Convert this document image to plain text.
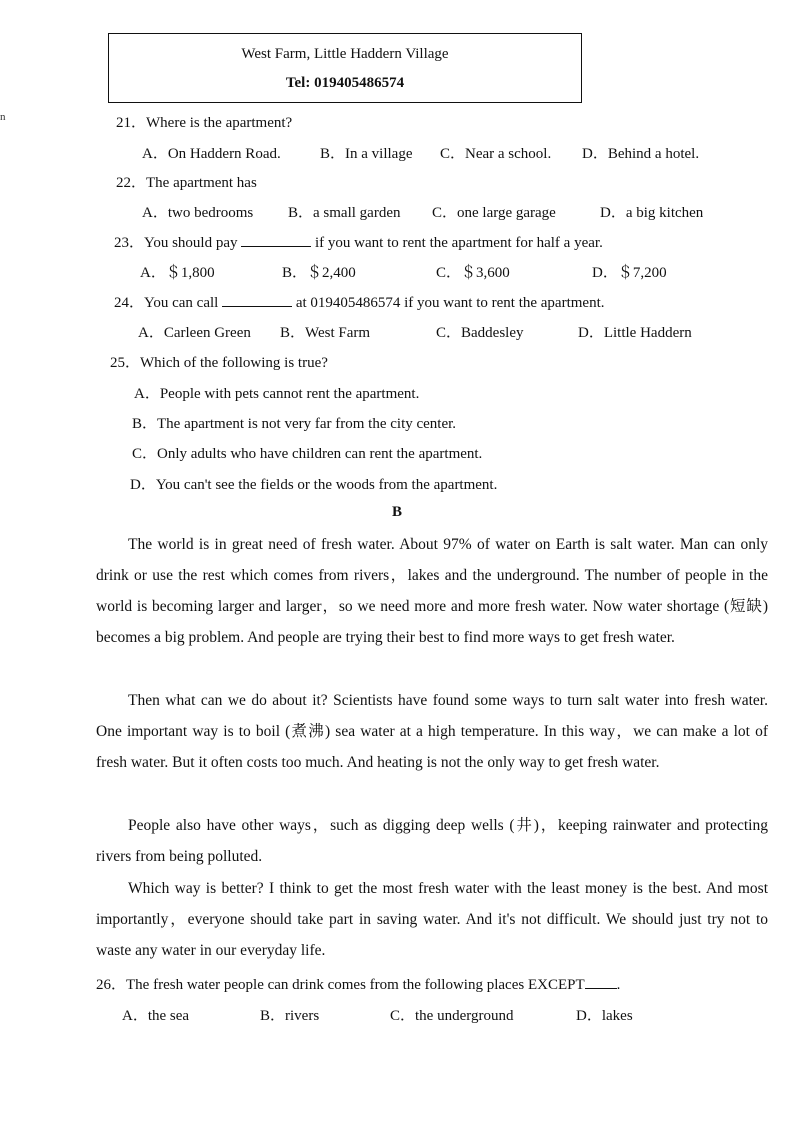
n
West Farm, Little Haddern Village
Tel: 019405486574
21．Where is the apartment?
A．On Haddern Road.	B．In a village C．Near a school. D．Behind a hotel.
22．The apartment has
A．two bedrooms B．a small garden C．one large garage	D．a big kitchen
23．You should pay	if you want to rent the apartment for half a year.
A．＄1,800	B．＄2,400	C．＄3,600	D．＄7,200
24．You can call	at 019405486574 if you want to rent the apartment.
A．Carleen Green B．West Farm	C．Baddesley	D．Little Haddern
25．Which of the following is true?
A．People with pets cannot rent the apartment.
B．The apartment is not very far from the city center.
C．Only adults who have children can rent the apartment.
D．You can't see the fields or the woods from the apartment.
B
The world is in great need of fresh water. About 97% of water on Earth is salt water. Man can only drink or use the rest which comes from rivers，lakes and the underground. The number of people in the world is becoming larger and larger，so we need more and more fresh water. Now water shortage (短缺) becomes a big problem. And people are trying their best to find more ways to get fresh water.
Then what can we do about it? Scientists have found some ways to turn salt water into fresh water. One important way is to boil (煮沸) sea water at a high temperature. In this way，we can make a lot of fresh water. But it often costs too much. And heating is not the only way to get fresh water.
People also have other ways，such as digging deep wells (井)，keeping rainwater and protecting rivers from being polluted.
Which way is better? I think to get the most fresh water with the least money is the best. And most importantly，everyone should take part in saving water. And it's not difficult. We should just try not to waste any water in our everyday life.
26．The fresh water people can drink comes from the following places EXCEPT .
A．the sea	B．rivers	C．the underground	D．lakes
